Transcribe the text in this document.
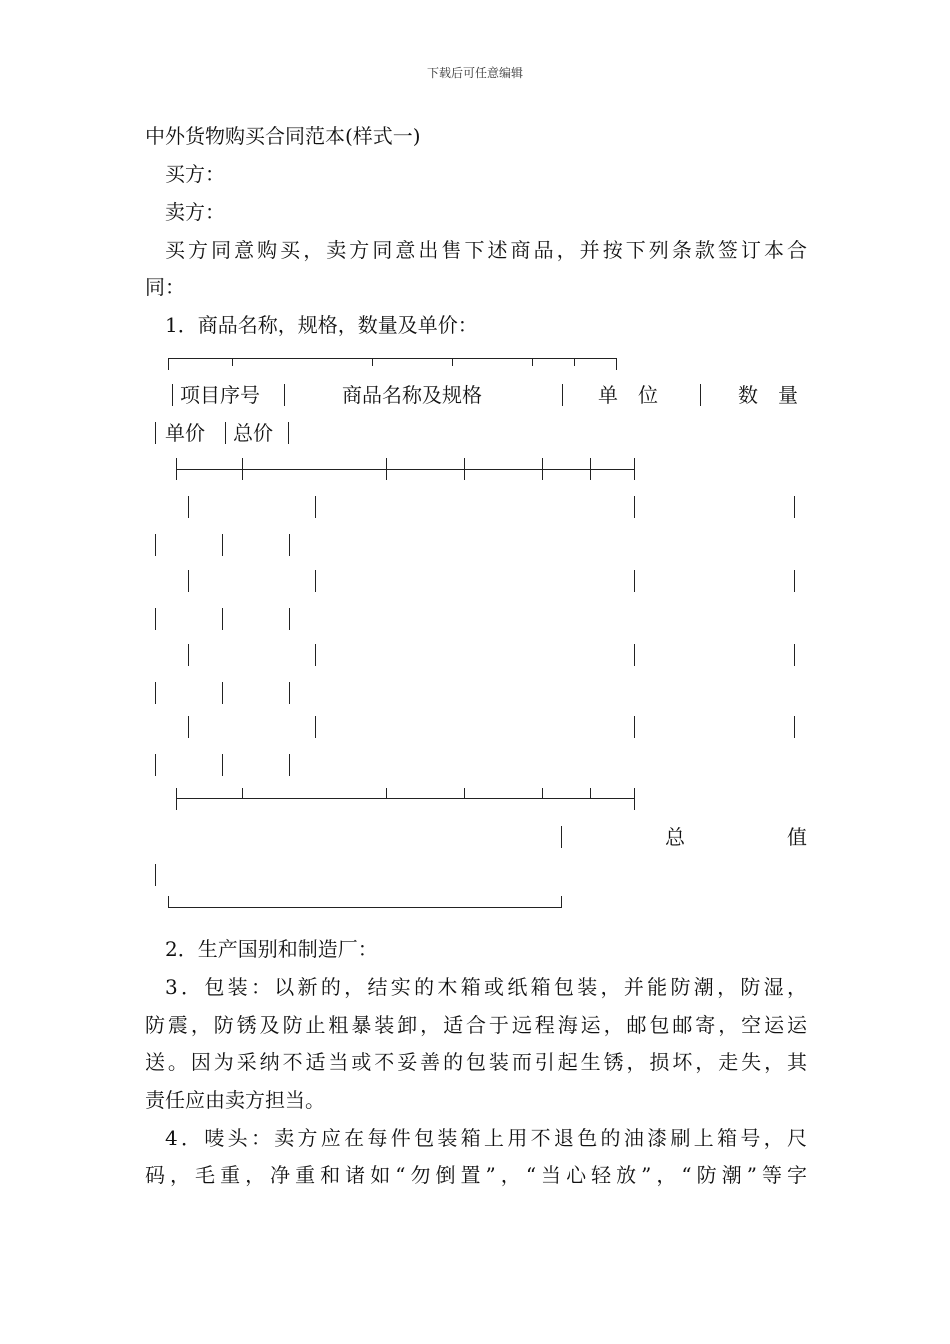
下载后可任意编辑
中外货物购买合同范本(样式一)
买方：
卖方：
买方同意购买，卖方同意出售下述商品，并按下列条款签订本合
同：
1．商品名称，规格，数量及单价：
项目序号	商品名称及规格	单　位	数　量
单价 总价
总　　　　值
2．生产国别和制造厂：
3．包装：以新的，结实的木箱或纸箱包装，并能防潮，防湿，
防震，防锈及防止粗暴装卸，适合于远程海运，邮包邮寄，空运运
送。因为采纳不适当或不妥善的包装而引起生锈，损坏，走失，其
责任应由卖方担当。
4．唛头：卖方应在每件包装箱上用不退色的油漆刷上箱号，尺
码，毛重，净重和诸如“勿倒置”，“当心轻放”，“防潮”等字
